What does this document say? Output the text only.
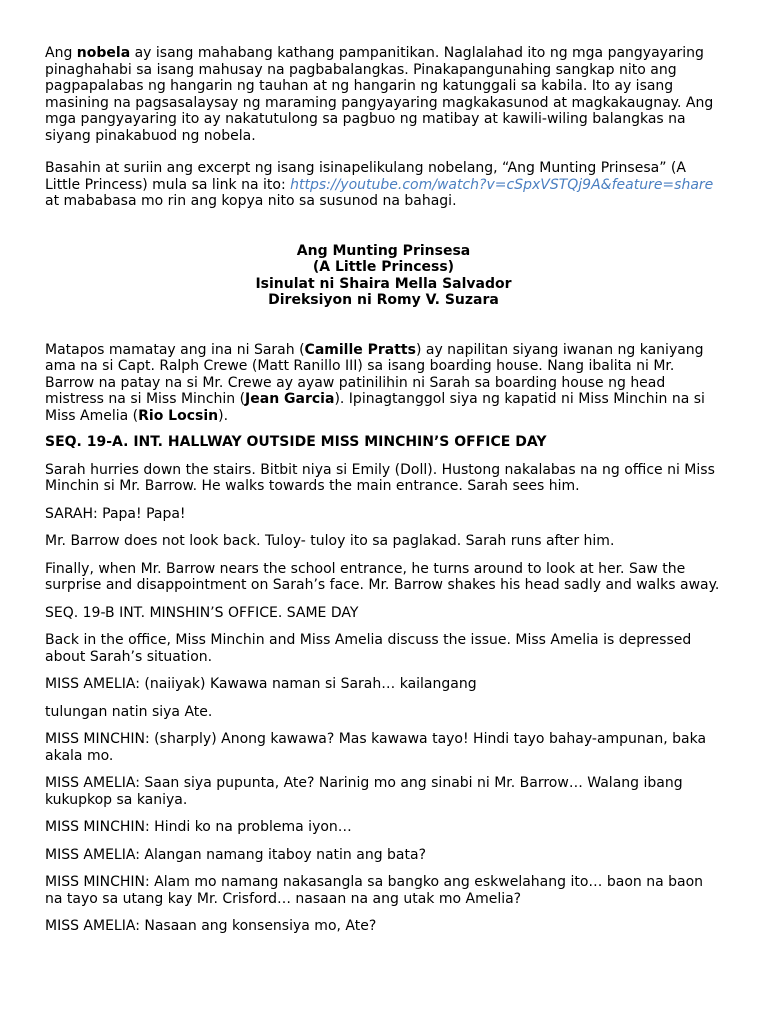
Ang nobela ay isang mahabang kathang pampanitikan. Naglalahad ito ng mga pangyayaring pinaghahabi sa isang mahusay na pagbabalangkas. Pinakapangunahing sangkap nito ang pagpapalabas ng hangarin ng tauhan at ng hangarin ng katunggali sa kabila. Ito ay isang masining na pagsasalaysay ng maraming pangyayaring magkakasunod at magkakaugnay. Ang mga pangyayaring ito ay nakatutulong sa pagbuo ng matibay at kawili-wiling balangkas na siyang pinakabuod ng nobela.

Basahin at suriin ang excerpt ng isang isinapelikulang nobelang, “Ang Munting Prinsesa” (A Little Princess) mula sa link na ito: https://youtube.com/watch?v=cSpxVSTQj9A&feature=share at mababasa mo rin ang kopya nito sa susunod na bahagi.

Ang Munting Prinsesa
(A Little Princess)
Isinulat ni Shaira Mella Salvador
Direksiyon ni Romy V. Suzara

Matapos mamatay ang ina ni Sarah (Camille Pratts) ay napilitan siyang iwanan ng kaniyang ama na si Capt. Ralph Crewe (Matt Ranillo III) sa isang boarding house. Nang ibalita ni Mr. Barrow na patay na si Mr. Crewe ay ayaw patinilihin ni Sarah sa boarding house ng head mistress na si Miss Minchin (Jean Garcia). Ipinagtanggol siya ng kapatid ni Miss Minchin na si Miss Amelia (Rio Locsin).

SEQ. 19-A. INT. HALLWAY OUTSIDE MISS MINCHIN’S OFFICE DAY

Sarah hurries down the stairs. Bitbit niya si Emily (Doll). Hustong nakalabas na ng office ni Miss Minchin si Mr. Barrow. He walks towards the main entrance. Sarah sees him.

SARAH: Papa! Papa!

Mr. Barrow does not look back. Tuloy- tuloy ito sa paglakad. Sarah runs after him.

Finally, when Mr. Barrow nears the school entrance, he turns around to look at her. Saw the surprise and disappointment on Sarah’s face. Mr. Barrow shakes his head sadly and walks away.

SEQ. 19-B INT. MINSHIN’S OFFICE. SAME DAY

Back in the office, Miss Minchin and Miss Amelia discuss the issue. Miss Amelia is depressed about Sarah’s situation.

MISS AMELIA: (naiiyak) Kawawa naman si Sarah… kailangang

tulungan natin siya Ate.

MISS MINCHIN: (sharply) Anong kawawa? Mas kawawa tayo! Hindi tayo bahay-ampunan, baka akala mo.

MISS AMELIA: Saan siya pupunta, Ate? Narinig mo ang sinabi ni Mr. Barrow… Walang ibang kukupkop sa kaniya.

MISS MINCHIN: Hindi ko na problema iyon…

MISS AMELIA: Alangan namang itaboy natin ang bata?

MISS MINCHIN: Alam mo namang nakasangla sa bangko ang eskwelahang ito… baon na baon na tayo sa utang kay Mr. Crisford… nasaan na ang utak mo Amelia?

MISS AMELIA: Nasaan ang konsensiya mo, Ate?
